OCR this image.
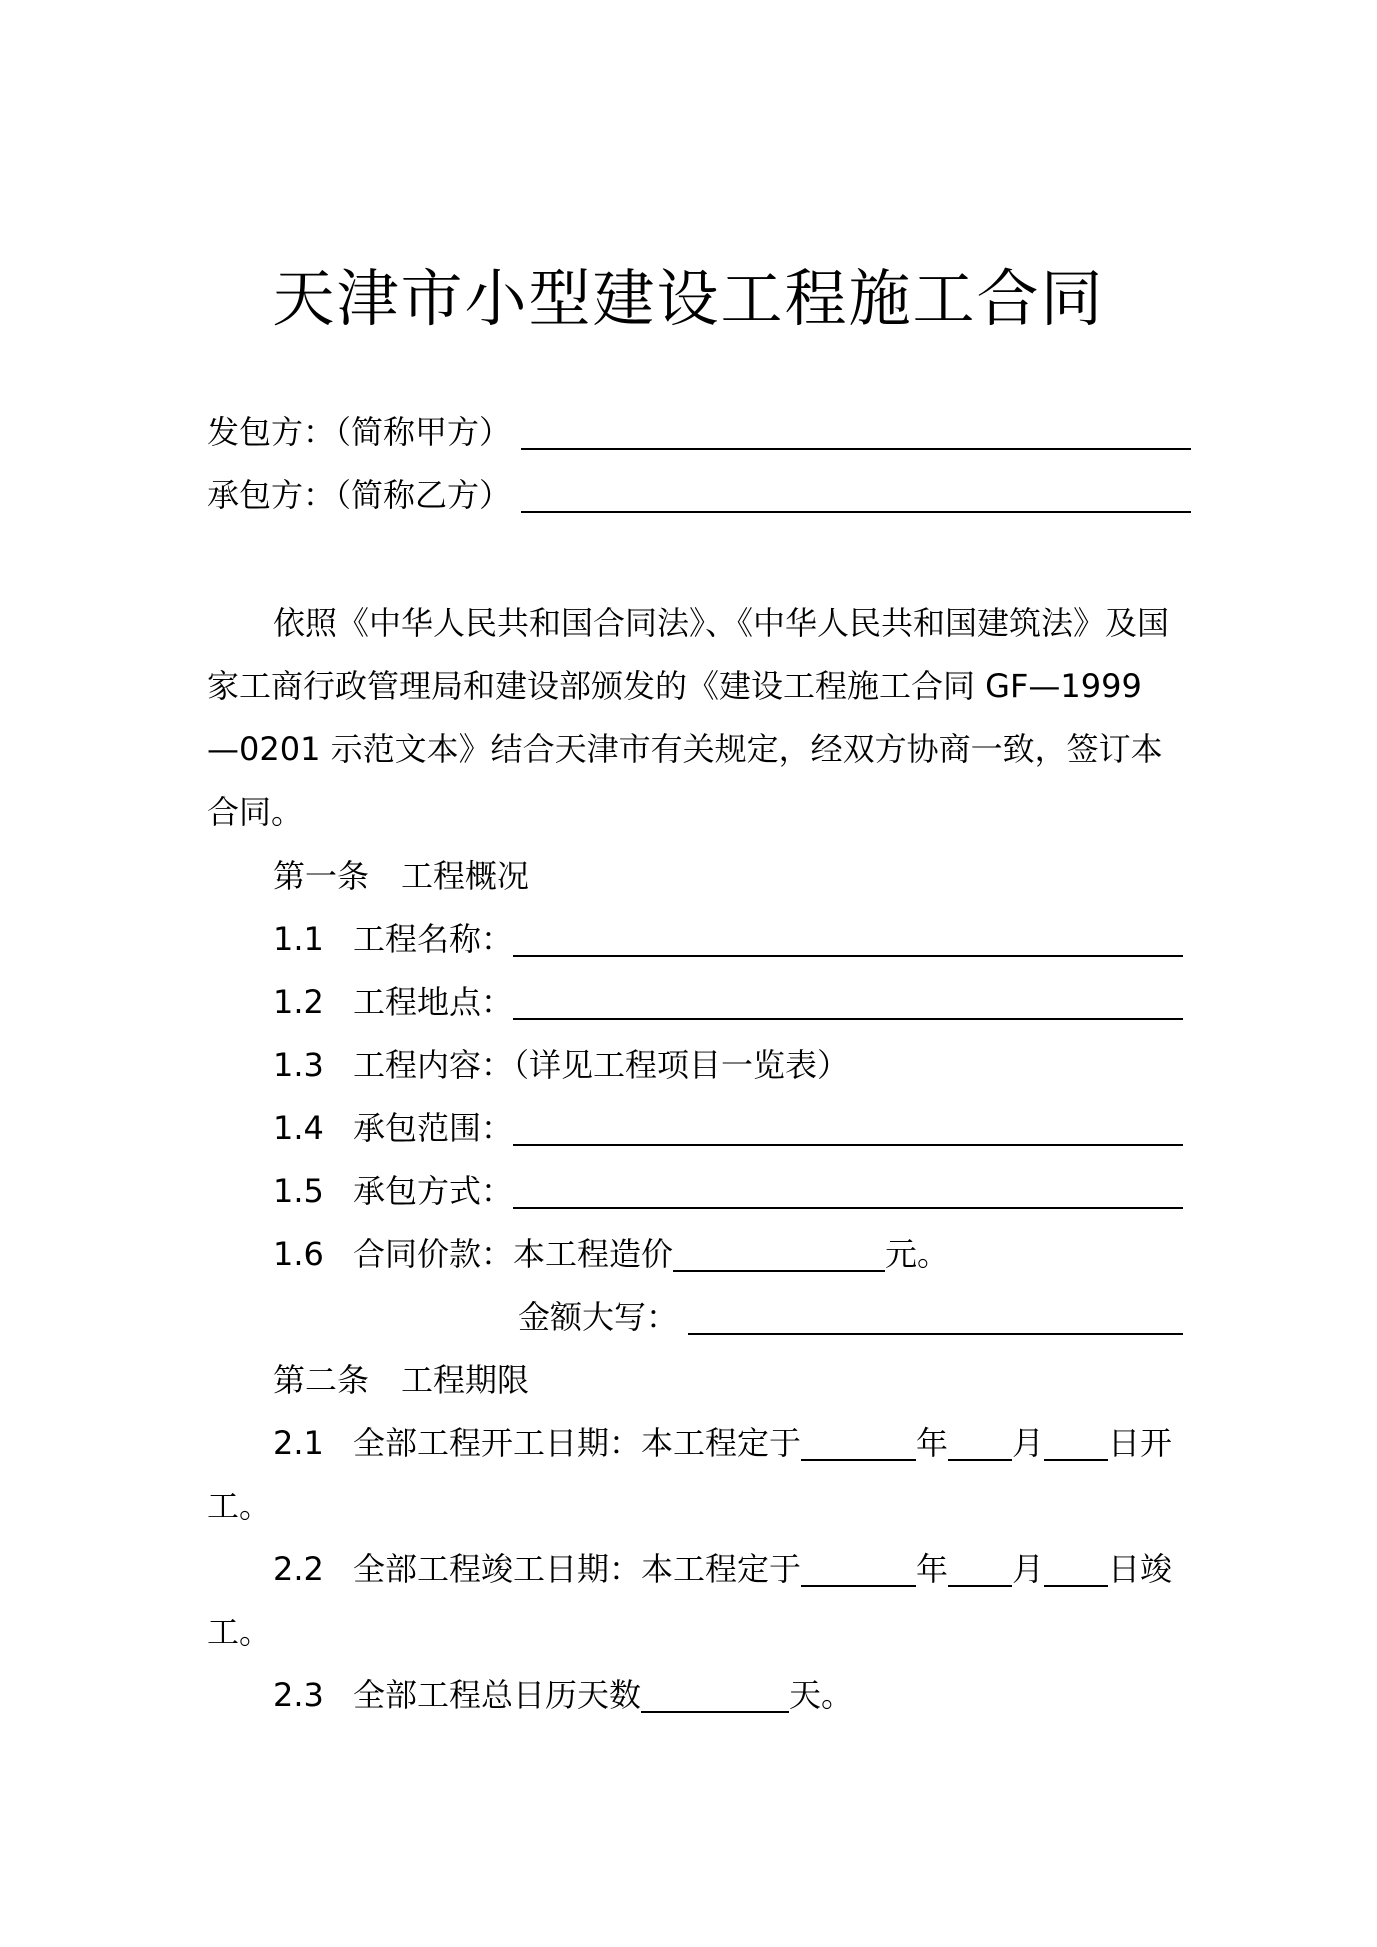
天津市小型建设工程施工合同
发包方：（简称甲方）
承包方：（简称乙方）
依照《中华人民共和国合同法》、《中华人民共和国建筑法》及国
家工商行政管理局和建设部颁发的《建设工程施工合同 GF—1999
—0201 示范文本》结合天津市有关规定，经双方协商一致，签订本
合同。
第一条　工程概况
1.1 工程名称：
1.2 工程地点：
1.3 工程内容：（详见工程项目一览表）
1.4 承包范围：
1.5 承包方式：
1.6 合同价款：本工程造价	元。
金额大写：
第二条　工程期限
2.1 全部工程开工日期：本工程定于	年 月 日开
工。
2.2 全部工程竣工日期：本工程定于	年 月 日竣
工。
2.3 全部工程总日历天数	天。
